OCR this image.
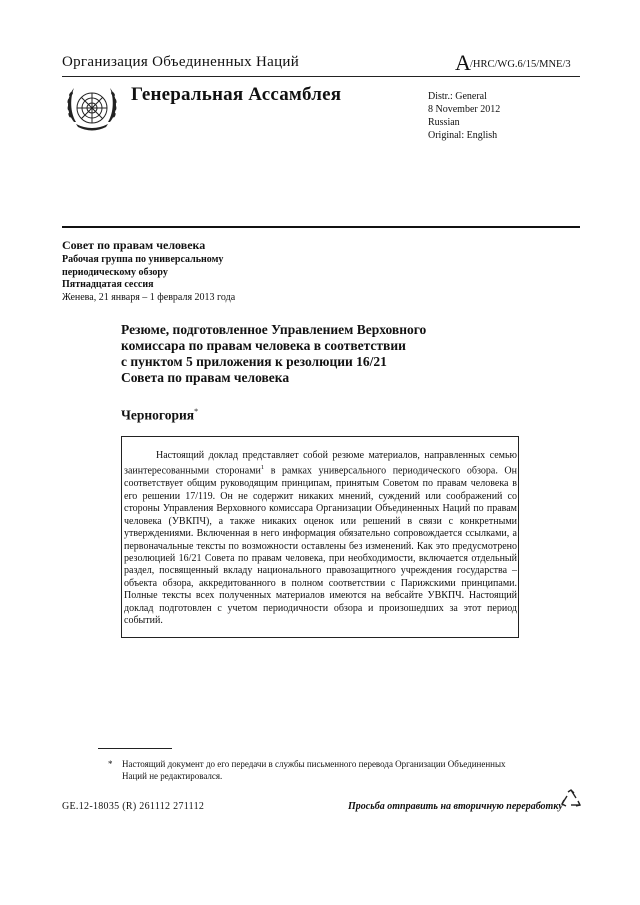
Организация Объединенных Наций	A /HRC/WG.6/15/MNE/3
Генеральная Ассамблея	Distr.: General
8 November 2012
Russian
Original: English
Совет по правам человека
Рабочая группа по универсальному периодическому обзору
Пятнадцатая сессия
Женева, 21 января – 1 февраля 2013 года
Резюме, подготовленное Управлением Верховного
комиссара по правам человека в соответствии
с пунктом 5 приложения к резолюции 16/21
Совета по правам человека
Черногория*
Настоящий доклад представляет собой резюме материалов, направленных семью заинтересованными сторонами$^1$ в рамках универсального периодического обзора. Он соответствует общим руководящим принципам, принятым Советом по правам человека в его решении 17/119. Он не содержит никаких мнений, суждений или соображений со стороны Управления Верховного комиссара Организации Объединенных Наций по правам человека (УВКПЧ), а также никаких оценок или решений в связи с конкретными утверждениями. Включенная в него информация обязательно сопровождается ссылками, а первоначальные тексты по возможности оставлены без изменений. Как это предусмотрено резолюцией 16/21 Совета по правам человека, при необходимости, включается отдельный раздел, посвященный вкладу национального правозащитного учреждения государства – объекта обзора, аккредитованного в полном соответствии с Парижскими принципами. Полные тексты всех полученных материалов имеются на вебсайте УВКПЧ. Настоящий доклад подготовлен с учетом периодичности обзора и произошедших за этот период событий.
*	Настоящий документ до его передачи в службы письменного перевода Организации Объединенных Наций не редактировался.
GE.12-18035 (R) 261112 271112	Просьба отправить на вторичную переработку
